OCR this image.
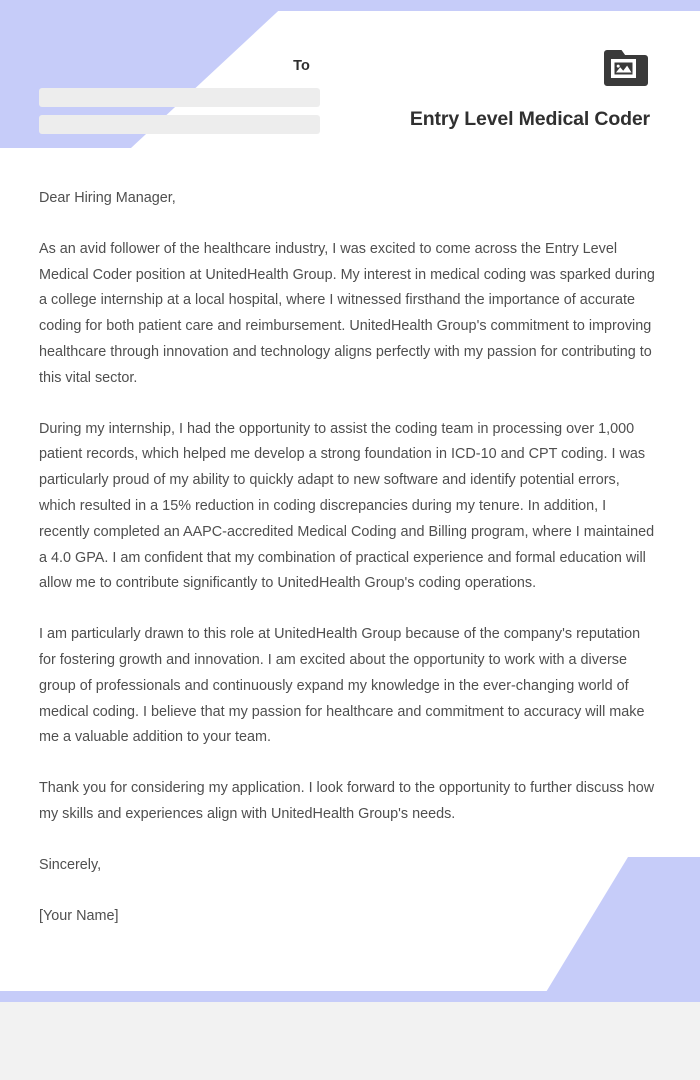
To
Entry Level Medical Coder

Dear Hiring Manager,

As an avid follower of the healthcare industry, I was excited to come across the Entry Level Medical Coder position at UnitedHealth Group. My interest in medical coding was sparked during a college internship at a local hospital, where I witnessed firsthand the importance of accurate coding for both patient care and reimbursement. UnitedHealth Group's commitment to improving healthcare through innovation and technology aligns perfectly with my passion for contributing to this vital sector.

During my internship, I had the opportunity to assist the coding team in processing over 1,000 patient records, which helped me develop a strong foundation in ICD-10 and CPT coding. I was particularly proud of my ability to quickly adapt to new software and identify potential errors, which resulted in a 15% reduction in coding discrepancies during my tenure. In addition, I recently completed an AAPC-accredited Medical Coding and Billing program, where I maintained a 4.0 GPA. I am confident that my combination of practical experience and formal education will allow me to contribute significantly to UnitedHealth Group's coding operations.

I am particularly drawn to this role at UnitedHealth Group because of the company's reputation for fostering growth and innovation. I am excited about the opportunity to work with a diverse group of professionals and continuously expand my knowledge in the ever-changing world of medical coding. I believe that my passion for healthcare and commitment to accuracy will make me a valuable addition to your team.

Thank you for considering my application. I look forward to the opportunity to further discuss how my skills and experiences align with UnitedHealth Group's needs.

Sincerely,

[Your Name]
